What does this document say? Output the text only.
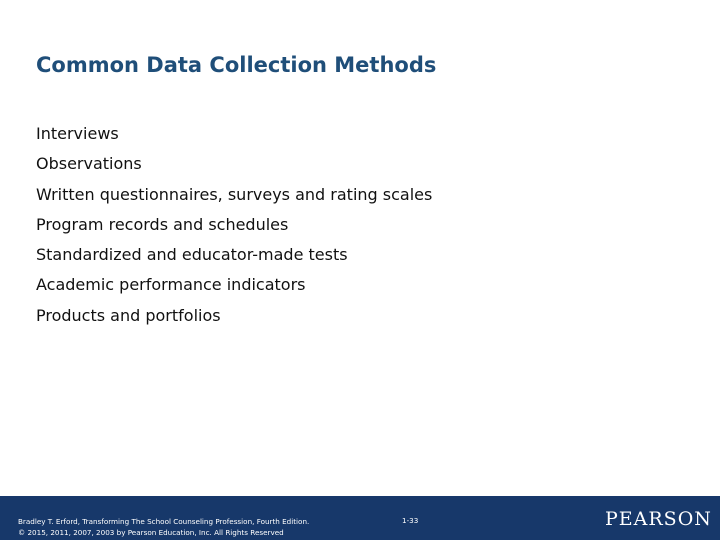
Common Data Collection Methods
Interviews
Observations
Written questionnaires, surveys and rating scales
Program records and schedules
Standardized and educator-made tests
Academic performance indicators
Products and portfolios
Bradley T. Erford, Transforming The School Counseling Profession, Fourth Edition.
© 2015, 2011, 2007, 2003 by Pearson Education, Inc. All Rights Reserved
1-33	PEARSON
